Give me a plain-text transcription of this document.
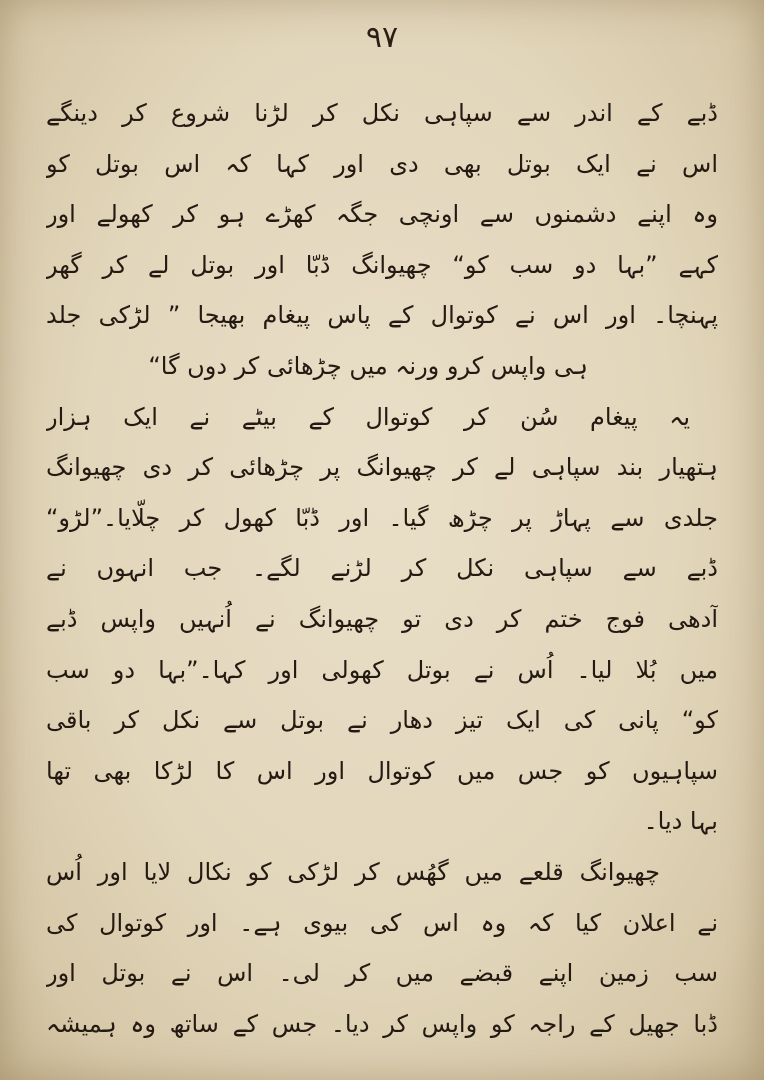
۹۷
ڈبے کے اندر سے سپاہی نکل کر لڑنا شروع کر دینگے
اس نے ایک بوتل بھی دی اور کہا کہ اس بوتل کو
وہ اپنے دشمنوں سے اونچی جگہ کھڑے ہو کر کھولے اور
کہے ”بہا دو سب کو“ چھیوانگ ڈبّا اور بوتل لے کر گھر
پہنچا۔ اور اس نے کوتوال کے پاس پیغام بھیجا ” لڑکی جلد
ہی واپس کرو ورنہ میں چڑھائی کر دوں گا“
یہ پیغام سُن کر کوتوال کے بیٹے نے ایک ہزار
ہتھیار بند سپاہی لے کر چھیوانگ پر چڑھائی کر دی چھیوانگ
جلدی سے پہاڑ پر چڑھ گیا۔ اور ڈبّا کھول کر چلّایا۔”لڑو“
ڈبے سے سپاہی نکل کر لڑنے لگے۔ جب انہوں نے
آدھی فوج ختم کر دی تو چھیوانگ نے اُنہیں واپس ڈبے
میں بُلا لیا۔ اُس نے بوتل کھولی اور کہا۔”بہا دو سب
کو“ پانی کی ایک تیز دھار نے بوتل سے نکل کر باقی
سپاہیوں کو جس میں کوتوال اور اس کا لڑکا بھی تھا
بہا دیا۔
چھیوانگ قلعے میں گھُس کر لڑکی کو نکال لایا اور اُس
نے اعلان کیا کہ وہ اس کی بیوی ہے۔ اور کوتوال کی
سب زمین اپنے قبضے میں کر لی۔ اس نے بوتل اور
ڈبا جھیل کے راجہ کو واپس کر دیا۔ جس کے ساتھ وہ ہمیشہ
